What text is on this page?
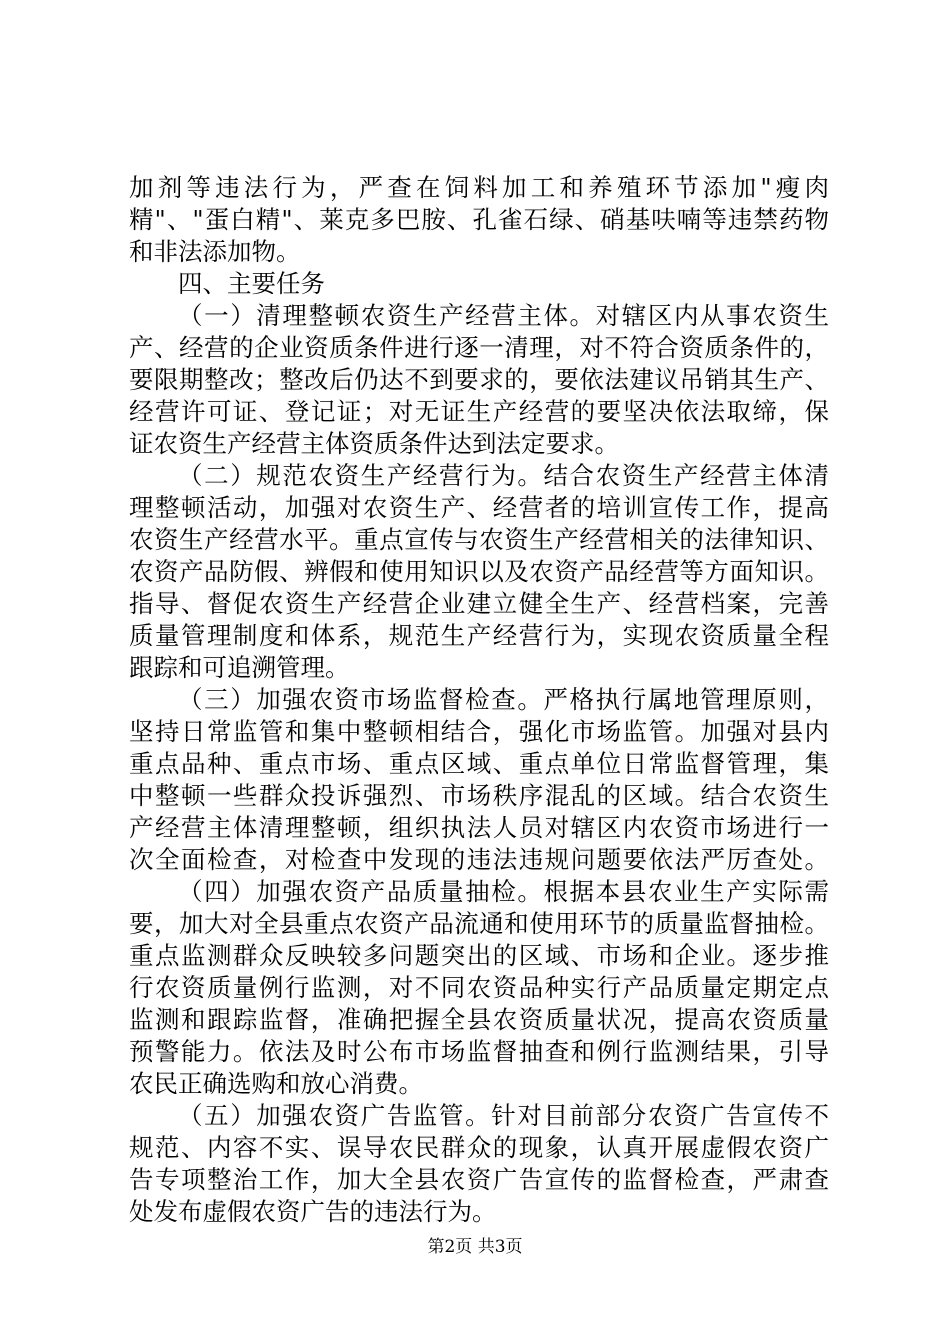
加剂等违法行为，严查在饲料加工和养殖环节添加"瘦肉
精"、"蛋白精"、莱克多巴胺、孔雀石绿、硝基呋喃等违禁药物
和非法添加物。
四、主要任务
（一）清理整顿农资生产经营主体。对辖区内从事农资生
产、经营的企业资质条件进行逐一清理，对不符合资质条件的，
要限期整改；整改后仍达不到要求的，要依法建议吊销其生产、
经营许可证、登记证；对无证生产经营的要坚决依法取缔，保
证农资生产经营主体资质条件达到法定要求。
（二）规范农资生产经营行为。结合农资生产经营主体清
理整顿活动，加强对农资生产、经营者的培训宣传工作，提高
农资生产经营水平。重点宣传与农资生产经营相关的法律知识、
农资产品防假、辨假和使用知识以及农资产品经营等方面知识。
指导、督促农资生产经营企业建立健全生产、经营档案，完善
质量管理制度和体系，规范生产经营行为，实现农资质量全程
跟踪和可追溯管理。
（三）加强农资市场监督检查。严格执行属地管理原则，
坚持日常监管和集中整顿相结合，强化市场监管。加强对县内
重点品种、重点市场、重点区域、重点单位日常监督管理，集
中整顿一些群众投诉强烈、市场秩序混乱的区域。结合农资生
产经营主体清理整顿，组织执法人员对辖区内农资市场进行一
次全面检查，对检查中发现的违法违规问题要依法严厉查处。
（四）加强农资产品质量抽检。根据本县农业生产实际需
要，加大对全县重点农资产品流通和使用环节的质量监督抽检。
重点监测群众反映较多问题突出的区域、市场和企业。逐步推
行农资质量例行监测，对不同农资品种实行产品质量定期定点
监测和跟踪监督，准确把握全县农资质量状况，提高农资质量
预警能力。依法及时公布市场监督抽查和例行监测结果，引导
农民正确选购和放心消费。
（五）加强农资广告监管。针对目前部分农资广告宣传不
规范、内容不实、误导农民群众的现象，认真开展虚假农资广
告专项整治工作，加大全县农资广告宣传的监督检查，严肃查
处发布虚假农资广告的违法行为。
第2页 共3页
